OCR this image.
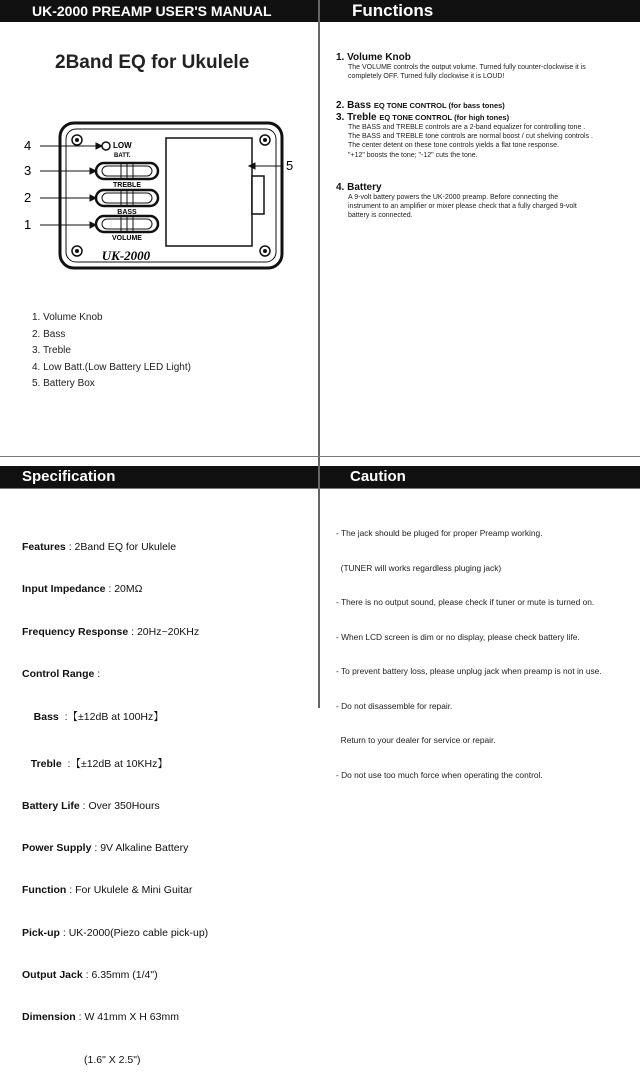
UK-2000 PREAMP USER'S MANUAL	Functions
2Band EQ for Ukulele
4
3
2
1
5
LOW
BATT.
TREBLE
BASS
VOLUME
UK-2000
1. Volume Knob
2. Bass
3. Treble
4. Low Batt.(Low Battery LED Light)
5. Battery Box
1. Volume Knob
The VOLUME controls the output volume. Turned fully counter-clockwise it is
completely OFF. Turned fully clockwise it is LOUD!
2. Bass EQ TONE CONTROL (for bass tones)
3. Treble EQ TONE CONTROL (for high tones)
The BASS and TREBLE controls are a 2-band equalizer for controlling tone .
The BASS and TREBLE tone controls are normal boost / cut shelving controls .
The center detent on these tone controls yields a flat tone response.
"+12" boosts the tone; "-12" cuts the tone.
4. Battery
A 9-volt battery powers the UK-2000 preamp. Before connecting the
instrument to an amplifier or mixer please check that a fully charged 9-volt
battery is connected.
Specification	Caution

Features : 2Band EQ for Ukulele

Input Impedance : 20MΩ

Frequency Response : 20Hz~20KHz

Control Range :

Bass  :【±12dB at 100Hz】

Treble  :【±12dB at 10KHz】

Battery Life : Over 350Hours

Power Supply : 9V Alkaline Battery

Function : For Ukulele & Mini Guitar

Pick-up : UK-2000(Piezo cable pick-up)

Output Jack : 6.35mm (1/4")

Dimension : W 41mm X H 63mm

(1.6" X 2.5")

- The jack should be pluged for proper Preamp working.

(TUNER will works regardless pluging jack)

- There is no output sound, please check if tuner or mute is turned on.

- When LCD screen is dim or no display, please check battery life.

- To prevent battery loss, please unplug jack when preamp is not in use.

- Do not disassemble for repair.

Return to your dealer for service or repair.

- Do not use too much force when operating the control.
